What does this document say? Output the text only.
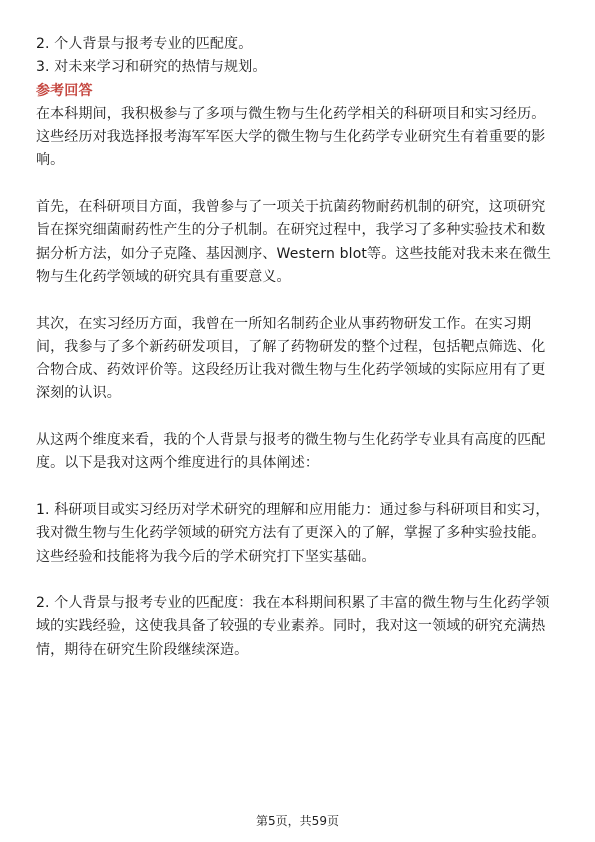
2. 个人背景与报考专业的匹配度。
3. 对未来学习和研究的热情与规划。
参考回答
在本科期间，我积极参与了多项与微生物与生化药学相关的科研项目和实习经历。
这些经历对我选择报考海军军医大学的微生物与生化药学专业研究生有着重要的影
响。
首先，在科研项目方面，我曾参与了一项关于抗菌药物耐药机制的研究，这项研究
旨在探究细菌耐药性产生的分子机制。在研究过程中，我学习了多种实验技术和数
据分析方法，如分子克隆、基因测序、Western blot等。这些技能对我未来在微生
物与生化药学领域的研究具有重要意义。
其次，在实习经历方面，我曾在一所知名制药企业从事药物研发工作。在实习期
间，我参与了多个新药研发项目，了解了药物研发的整个过程，包括靶点筛选、化
合物合成、药效评价等。这段经历让我对微生物与生化药学领域的实际应用有了更
深刻的认识。
从这两个维度来看，我的个人背景与报考的微生物与生化药学专业具有高度的匹配
度。以下是我对这两个维度进行的具体阐述：
1. 科研项目或实习经历对学术研究的理解和应用能力：通过参与科研项目和实习，
我对微生物与生化药学领域的研究方法有了更深入的了解，掌握了多种实验技能。
这些经验和技能将为我今后的学术研究打下坚实基础。
2. 个人背景与报考专业的匹配度：我在本科期间积累了丰富的微生物与生化药学领
域的实践经验，这使我具备了较强的专业素养。同时，我对这一领域的研究充满热
情，期待在研究生阶段继续深造。
第5页，共59页
